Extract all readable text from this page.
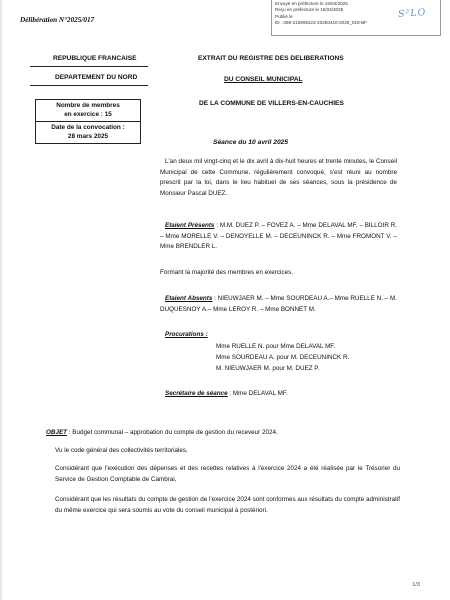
Délibération N°2025/017
Envoyé en préfecture le 15/04/2025
Reçu en préfecture le 15/04/2025
Publié le
ID : 059-215906223-20250410-2025_018-BF
S²LO
REPUBLIQUE FRANCAISE
DEPARTEMENT DU NORD
EXTRAIT DU REGISTRE DES DELIBERATIONS
DU CONSEIL MUNICIPAL
DE LA COMMUNE DE VILLERS-EN-CAUCHIES
Nombre de membres
en exercice : 15
Date de la convocation :
28 mars 2025
Séance du 10 avril 2025
L'an deux mil vingt-cinq et le dix avril à dix-huit heures et trente minutes, le Conseil Municipal de cette Commune, régulièrement convoqué, s'est réuni au nombre prescrit par la loi, dans le lieu habituel de ses séances, sous la présidence de Monsieur Pascal DUEZ.
Etaient Présents : M.M. DUEZ P. – FOVEZ A. – Mme DELAVAL MF. – BILLOIR R. – Mme MORELLE V. – DENOYELLE M. – DECEUNINCK R. – Mme FROMONT V. – Mme BRENDLER L.
Formant la majorité des membres en exercices.
Etaient Absents : NIEUWJAER M. – Mme SOURDEAU A.– Mme RUELLE N. – M. DUQUESNOY A.– Mme LEROY R. – Mme BONNET M.
Procurations :
Mme RUELLE N. pour Mme DELAVAL MF.
Mme SOURDEAU A. pour M. DECEUNINCK R.
M. NIEUWJAER M. pour M. DUEZ P.
Secrétaire de séance : Mme DELAVAL MF.
OBJET : Budget communal – approbation du compte de gestion du receveur 2024.
Vu le code général des collectivités territoriales,
Considérant que l'exécution des dépenses et des recettes relatives à l'exercice 2024 a été réalisée par le Trésorier du Service de Gestion Comptable de Cambrai,
Considérant que les résultats du compte de gestion de l'exercice 2024 sont conformes aux résultats du compte administratif du même exercice qui sera soumis au vote du conseil municipal à postériori.
1/3
